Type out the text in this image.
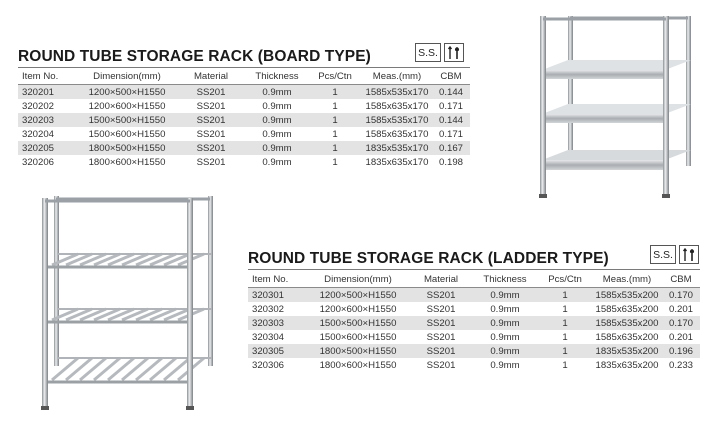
ROUND TUBE STORAGE RACK (BOARD TYPE)	S.S.
Item No.	Dimension(mm)	Material	Thickness	Pcs/Ctn	Meas.(mm)	CBM
320201	1200×500×H1550	SS201	0.9mm	1	1585x535x170	0.144
320202	1200×600×H1550	SS201	0.9mm	1	1585x635x170	0.171
320203	1500×500×H1550	SS201	0.9mm	1	1585x535x170	0.144
320204	1500×600×H1550	SS201	0.9mm	1	1585x635x170	0.171
320205	1800×500×H1550	SS201	0.9mm	1	1835x535x170	0.167
320206	1800×600×H1550	SS201	0.9mm	1	1835x635x170	0.198
ROUND TUBE STORAGE RACK (LADDER TYPE)	S.S.
Item No.	Dimension(mm)	Material	Thickness	Pcs/Ctn	Meas.(mm)	CBM
320301	1200×500×H1550	SS201	0.9mm	1	1585x535x200	0.170
320302	1200×600×H1550	SS201	0.9mm	1	1585x635x200	0.201
320303	1500×500×H1550	SS201	0.9mm	1	1585x535x200	0.170
320304	1500×600×H1550	SS201	0.9mm	1	1585x635x200	0.201
320305	1800×500×H1550	SS201	0.9mm	1	1835x535x200	0.196
320306	1800×600×H1550	SS201	0.9mm	1	1835x635x200	0.233
